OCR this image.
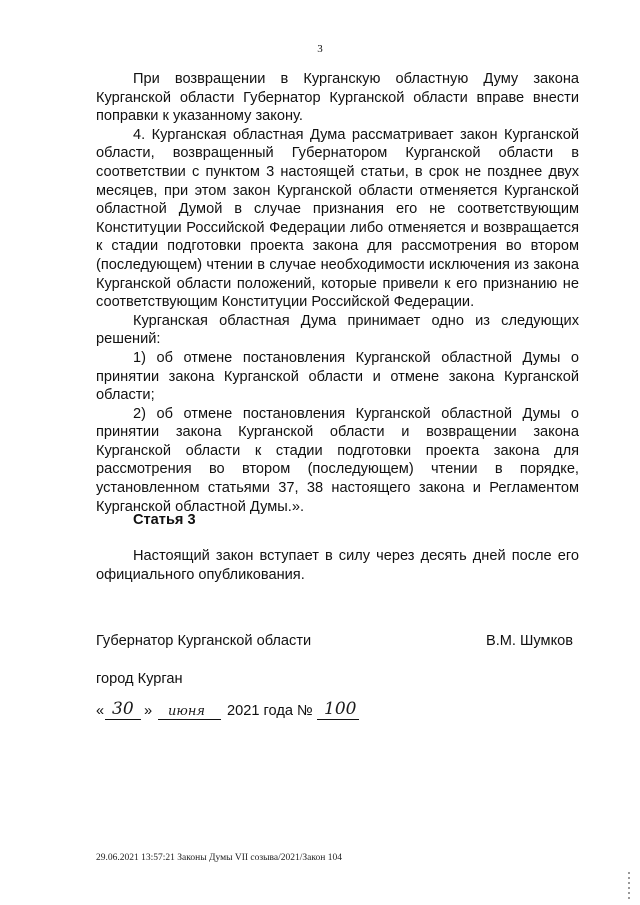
3

При возвращении в Курганскую областную Думу закона Курганской области Губернатор Курганской области вправе внести поправки к указанному закону.

4. Курганская областная Дума рассматривает закон Курганской области, возвращенный Губернатором Курганской области в соответствии с пунктом 3 настоящей статьи, в срок не позднее двух месяцев, при этом закон Курганской области отменяется Курганской областной Думой в случае признания его не соответствующим Конституции Российской Федерации либо отменяется и возвращается к стадии подготовки проекта закона для рассмотрения во втором (последующем) чтении в случае необходимости исключения из закона Курганской области положений, которые привели к его признанию не соответствующим Конституции Российской Федерации.

Курганская областная Дума принимает одно из следующих решений:

1) об отмене постановления Курганской областной Думы о принятии закона Курганской области и отмене закона Курганской области;

2) об отмене постановления Курганской областной Думы о принятии закона Курганской области и возвращении закона Курганской области к стадии подготовки проекта закона для рассмотрения во втором (последующем) чтении в порядке, установленном статьями 37, 38 настоящего закона и Регламентом Курганской областной Думы.».

Статья 3

Настоящий закон вступает в силу через десять дней после его официального опубликования.

Губернатор Курганской области	В.М. Шумков
город Курган
« 30 » июня 2021 года № 100
29.06.2021 13:57:21 Законы Думы VII созыва/2021/Закон 104
